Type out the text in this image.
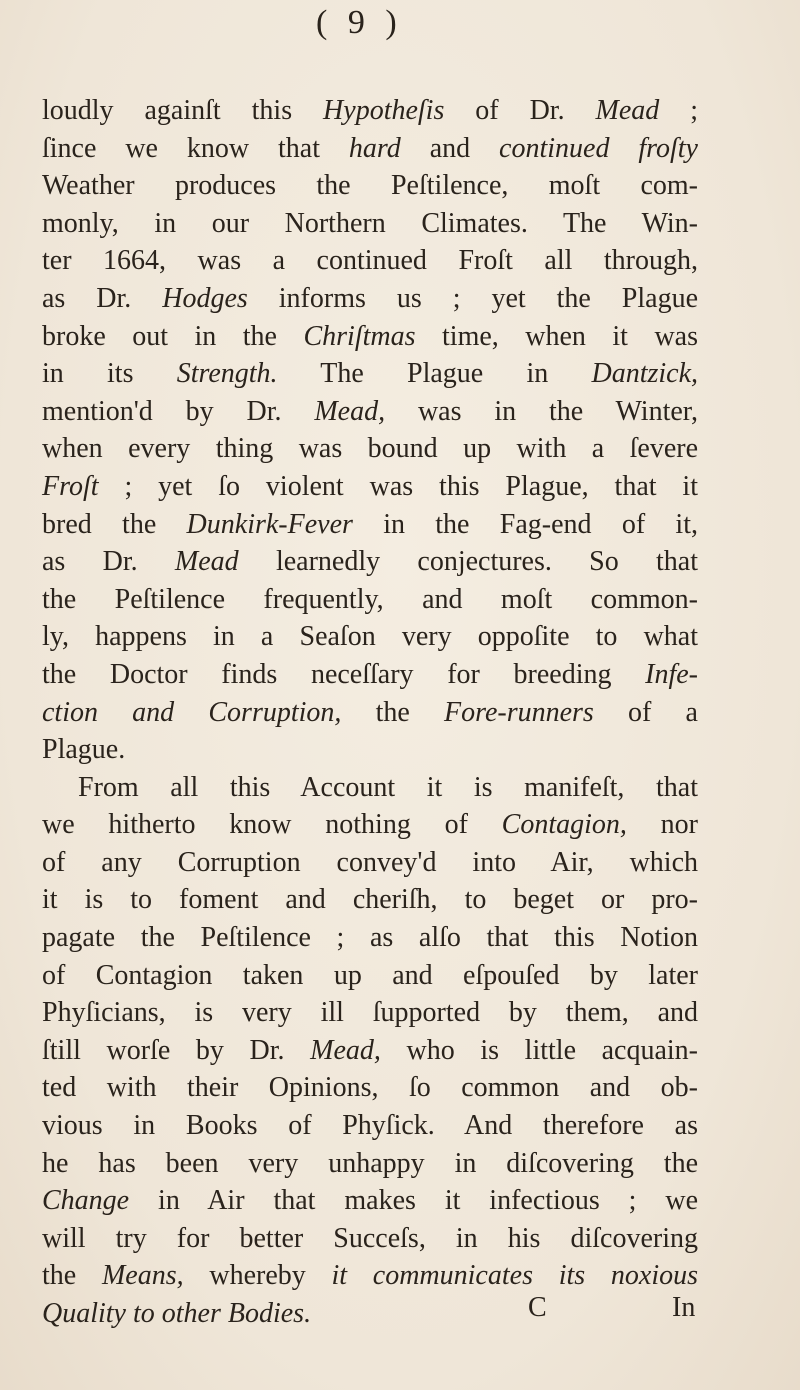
( 9 )
loudly againſt this Hypotheſis of Dr. Mead ;
ſince we know that hard and continued froſty
Weather produces the Peſtilence, moſt com-
monly, in our Northern Climates. The Win-
ter 1664, was a continued Froſt all through,
as Dr. Hodges informs us ; yet the Plague
broke out in the Chriſtmas time, when it was
in its Strength. The Plague in Dantzick,
mention'd by Dr. Mead, was in the Winter,
when every thing was bound up with a ſevere
Froſt ; yet ſo violent was this Plague, that it
bred the Dunkirk-Fever in the Fag-end of it,
as Dr. Mead learnedly conjectures. So that
the Peſtilence frequently, and moſt common-
ly, happens in a Seaſon very oppoſite to what
the Doctor finds neceſſary for breeding Infe-
ction and Corruption, the Fore-runners of a
Plague.
From all this Account it is manifeſt, that
we hitherto know nothing of Contagion, nor
of any Corruption convey'd into Air, which
it is to foment and cheriſh, to beget or pro-
pagate the Peſtilence ; as alſo that this Notion
of Contagion taken up and eſpouſed by later
Phyſicians, is very ill ſupported by them, and
ſtill worſe by Dr. Mead, who is little acquain-
ted with their Opinions, ſo common and ob-
vious in Books of Phyſick. And therefore as
he has been very unhappy in diſcovering the
Change in Air that makes it infectious ; we
will try for better Succeſs, in his diſcovering
the Means, whereby it communicates its noxious
Quality to other Bodies.	C	In
